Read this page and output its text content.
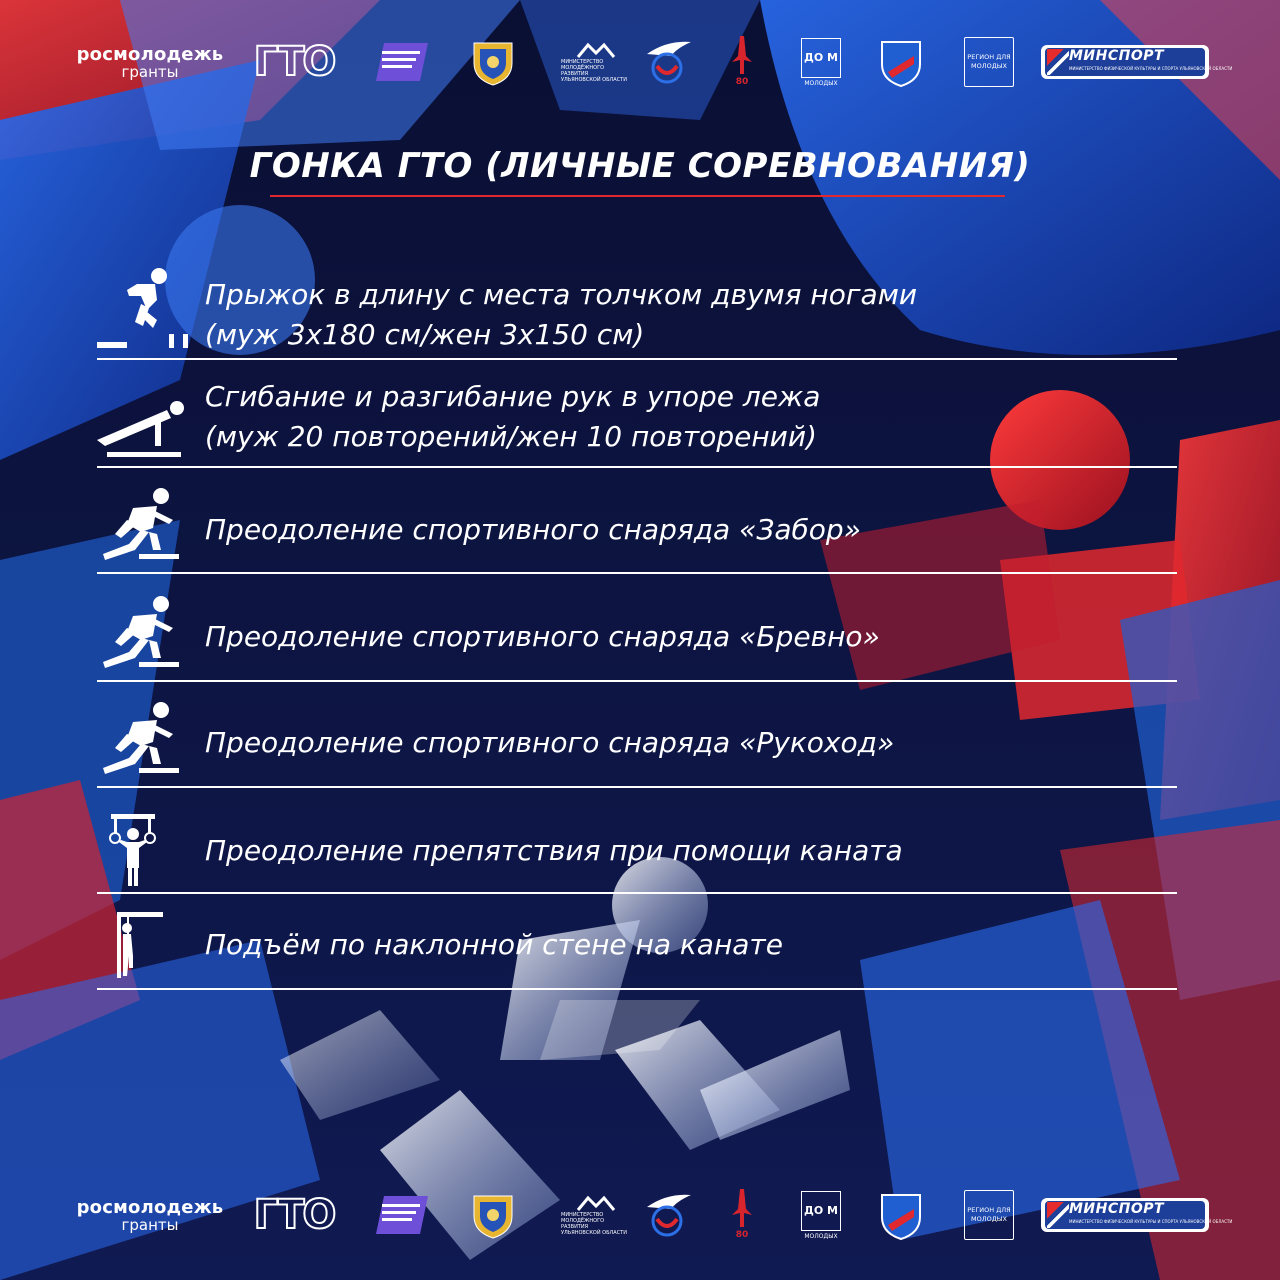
росмолодежь
гранты ГТО	МИНИСТЕРСТВО МОЛОДЁЖНОГО РАЗВИТИЯ
УЛЬЯНОВСКОЙ ОБЛАСТИ	80
ДО М
МОЛОДЫХ
РЕГИОН ДЛЯ МОЛОДЫХ
МИНСПОРТ
МИНИСТЕРСТВО ФИЗИЧЕСКОЙ КУЛЬТУРЫ И СПОРТА УЛЬЯНОВСКОЙ ОБЛАСТИ
ГОНКА ГТО (ЛИЧНЫЕ СОРЕВНОВАНИЯ)
Прыжок в длину с места толчком двумя ногами
(муж 3х180 см/жен 3х150 см)
Сгибание и разгибание рук в упоре лежа
(муж 20 повторений/жен 10 повторений)
Преодоление спортивного снаряда «Забор»
Преодоление спортивного снаряда «Бревно»
Преодоление спортивного снаряда «Рукоход»
Преодоление препятствия при помощи каната
Подъём по наклонной стене на канате
росмолодежь
гранты ГТО	МИНИСТЕРСТВО МОЛОДЁЖНОГО РАЗВИТИЯ
УЛЬЯНОВСКОЙ ОБЛАСТИ	80
ДО М
МОЛОДЫХ
РЕГИОН ДЛЯ МОЛОДЫХ
МИНСПОРТ
МИНИСТЕРСТВО ФИЗИЧЕСКОЙ КУЛЬТУРЫ И СПОРТА УЛЬЯНОВСКОЙ ОБЛАСТИ
